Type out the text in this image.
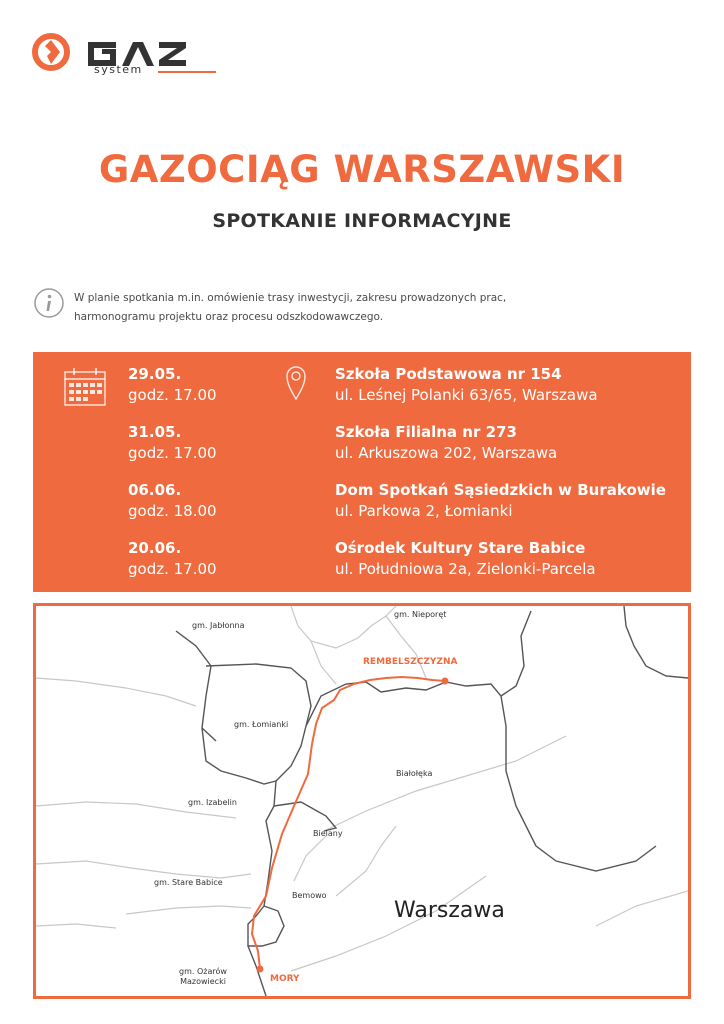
system
GAZOCIĄG WARSZAWSKI
SPOTKANIE INFORMACYJNE
W planie spotkania m.in. omówienie trasy inwestycji, zakresu prowadzonych prac,
harmonogramu projektu oraz procesu odszkodowawczego.
29.05.
godz. 17.00
Szkoła Podstawowa nr 154
ul. Leśnej Polanki 63/65, Warszawa
31.05.
godz. 17.00
Szkoła Filialna nr 273
ul. Arkuszowa 202, Warszawa
06.06.
godz. 18.00
Dom Spotkań Sąsiedzkich w Burakowie
ul. Parkowa 2, Łomianki
20.06.
godz. 17.00
Ośrodek Kultury Stare Babice
ul. Południowa 2a, Zielonki-Parcela
gm. Jabłonna
gm. Nieporęt
REMBELSZCZYZNA
gm. Łomianki
Białołęka
gm. Izabelin
Bielany
gm. Stare Babice
Bemowo
Warszawa
gm. Ożarów
Mazowiecki	MORY
